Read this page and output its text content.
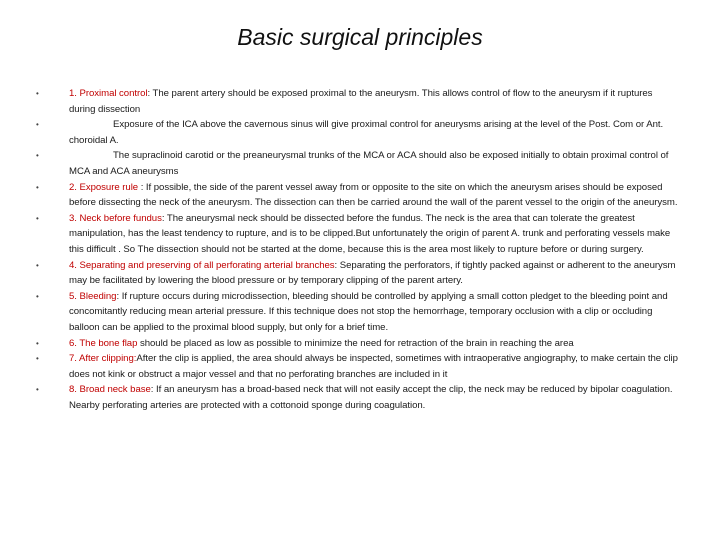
Basic surgical principles
•	1. Proximal control: The parent artery should be exposed proximal to the aneurysm. This allows control of flow to the aneurysm if it ruptures during dissection
•	Exposure of the ICA above the cavernous sinus will give proximal control for aneurysms arising at the level of the Post. Com or Ant. choroidal A.
•	The supraclinoid carotid or the preaneurysmal trunks of the MCA or ACA should also be exposed initially to obtain proximal control of MCA and ACA aneurysms
•	2. Exposure rule : If possible, the side of the parent vessel away from or opposite to the site on which the aneurysm arises should be exposed before dissecting the neck of the aneurysm. The dissection can then be carried around the wall of the parent vessel to the origin of the aneurysm.
•	3. Neck before fundus: The aneurysmal neck should be dissected before the fundus. The neck is the area that can tolerate the greatest manipulation, has the least tendency to rupture, and is to be clipped.But unfortunately the origin of parent A. trunk and perforating vessels make this difficult . So The dissection should not be started at the dome, because this is the area most likely to rupture before or during surgery.
•	4. Separating and preserving of all perforating arterial branches: Separating the perforators, if tightly packed against or adherent to the aneurysm may be facilitated by lowering the blood pressure or by temporary clipping of the parent artery.
•	5. Bleeding: If rupture occurs during microdissection, bleeding should be controlled by applying a small cotton pledget to the bleeding point and concomitantly reducing mean arterial pressure. If this technique does not stop the hemorrhage, temporary occlusion with a clip or occluding balloon can be applied to the proximal blood supply, but only for a brief time.
•	6. The bone flap should be placed as low as possible to minimize the need for retraction of the brain in reaching the area
•	7. After clipping:After the clip is applied, the area should always be inspected, sometimes with intraoperative angiography, to make certain the clip does not kink or obstruct a major vessel and that no perforating branches are included in it
•	8. Broad neck base: If an aneurysm has a broad-based neck that will not easily accept the clip, the neck may be reduced by bipolar coagulation. Nearby perforating arteries are protected with a cottonoid sponge during coagulation.
